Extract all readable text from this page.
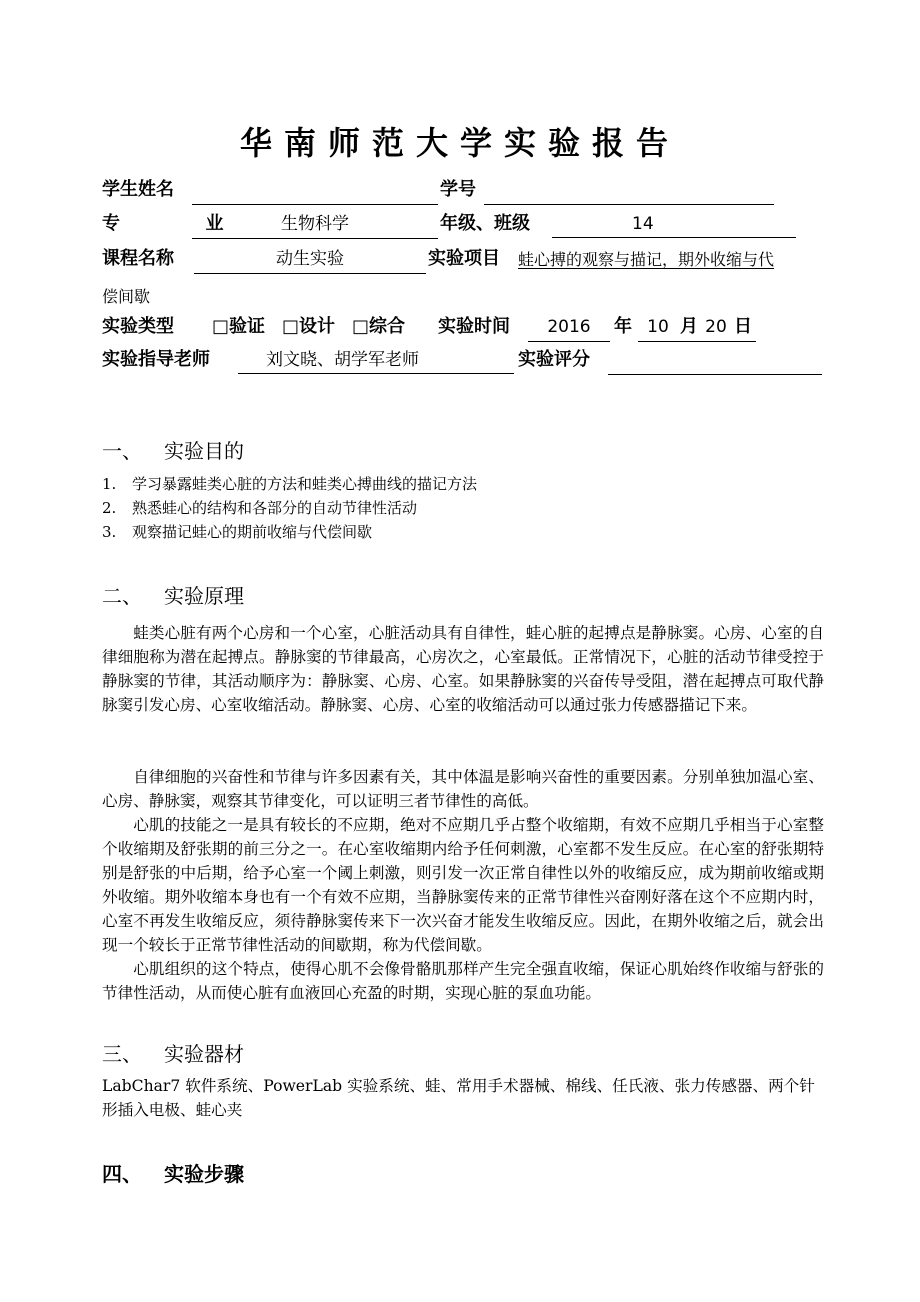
华南师范大学实验报告
学生姓名	学号
专 业	生物科学	年级、班级	14
课程名称	动生实验	实验项目 蛙心搏的观察与描记，期外收缩与代
偿间歇
实验类型 □验证 □设计 □综合 实验时间	2016	年 10 月 20 日
实验指导老师	刘文晓、胡学军老师	实验评分
一、 实验目的
1. 学习暴露蛙类心脏的方法和蛙类心搏曲线的描记方法
2. 熟悉蛙心的结构和各部分的自动节律性活动
3. 观察描记蛙心的期前收缩与代偿间歇
二、 实验原理

蛙类心脏有两个心房和一个心室，心脏活动具有自律性，蛙心脏的起搏点是静脉窦。心房、心室的自律细胞称为潜在起搏点。静脉窦的节律最高，心房次之，心室最低。正常情况下，心脏的活动节律受控于静脉窦的节律，其活动顺序为：静脉窦、心房、心室。如果静脉窦的兴奋传导受阻，潜在起搏点可取代静脉窦引发心房、心室收缩活动。静脉窦、心房、心室的收缩活动可以通过张力传感器描记下来。

自律细胞的兴奋性和节律与许多因素有关，其中体温是影响兴奋性的重要因素。分别单独加温心室、心房、静脉窦，观察其节律变化，可以证明三者节律性的高低。

心肌的技能之一是具有较长的不应期，绝对不应期几乎占整个收缩期，有效不应期几乎相当于心室整个收缩期及舒张期的前三分之一。在心室收缩期内给予任何刺激，心室都不发生反应。在心室的舒张期特别是舒张的中后期，给予心室一个阈上刺激，则引发一次正常自律性以外的收缩反应，成为期前收缩或期外收缩。期外收缩本身也有一个有效不应期，当静脉窦传来的正常节律性兴奋刚好落在这个不应期内时，心室不再发生收缩反应，须待静脉窦传来下一次兴奋才能发生收缩反应。因此，在期外收缩之后，就会出现一个较长于正常节律性活动的间歇期，称为代偿间歇。

心肌组织的这个特点，使得心肌不会像骨骼肌那样产生完全强直收缩，保证心肌始终作收缩与舒张的节律性活动，从而使心脏有血液回心充盈的时期，实现心脏的泵血功能。

三、 实验器材

LabChar7 软件系统、PowerLab 实验系统、蛙、常用手术器械、棉线、任氏液、张力传感器、两个针形插入电极、蛙心夹

四、 实验步骤
